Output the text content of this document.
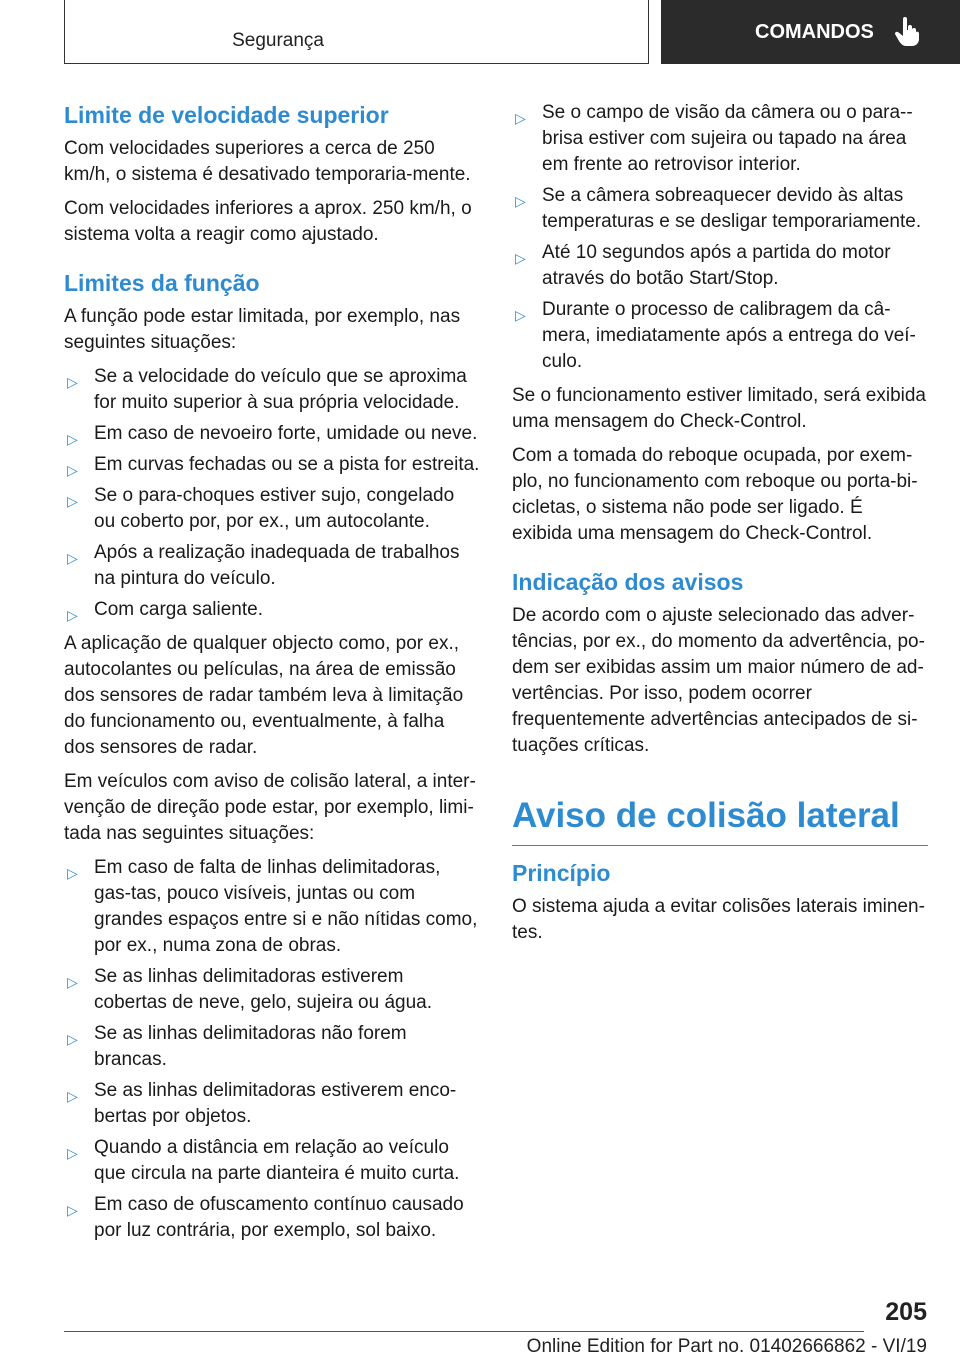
Segurança	COMANDOS
Limite de velocidade superior

Com velocidades superiores a cerca de 250 km/h, o sistema é desativado temporaria‐mente.

Com velocidades inferiores a aprox. 250 km/h, o sistema volta a reagir como ajustado.

Limites da função

A função pode estar limitada, por exemplo, nas seguintes situações:

▷ Se a velocidade do veículo que se aproxima for muito superior à sua própria velocidade.
▷ Em caso de nevoeiro forte, umidade ou neve.
▷ Em curvas fechadas ou se a pista for estreita.
▷ Se o para-choques estiver sujo, congelado ou coberto por, por ex., um autocolante.
▷ Após a realização inadequada de trabalhos na pintura do veículo.
▷ Com carga saliente.

A aplicação de qualquer objecto como, por ex., autocolantes ou películas, na área de emissão dos sensores de radar também leva à limitação do funcionamento ou, eventualmente, à falha dos sensores de radar.

Em veículos com aviso de colisão lateral, a inter‐venção de direção pode estar, por exemplo, limi‐tada nas seguintes situações:

▷ Em caso de falta de linhas delimitadoras, gas‐tas, pouco visíveis, juntas ou com grandes espaços entre si e não nítidas como, por ex., numa zona de obras.
▷ Se as linhas delimitadoras estiverem cobertas de neve, gelo, sujeira ou água.
▷ Se as linhas delimitadoras não forem brancas.
▷ Se as linhas delimitadoras estiverem enco‐bertas por objetos.
▷ Quando a distância em relação ao veículo que circula na parte dianteira é muito curta.
▷ Em caso de ofuscamento contínuo causado por luz contrária, por exemplo, sol baixo.
▷ Se o campo de visão da câmera ou o para-‐brisa estiver com sujeira ou tapado na área em frente ao retrovisor interior.
▷ Se a câmera sobreaquecer devido às altas temperaturas e se desligar temporariamente.
▷ Até 10 segundos após a partida do motor através do botão Start/Stop.
▷ Durante o processo de calibragem da câ‐mera, imediatamente após a entrega do veí‐culo.

Se o funcionamento estiver limitado, será exibida uma mensagem do Check-Control.

Com a tomada do reboque ocupada, por exem‐plo, no funcionamento com reboque ou porta-bi‐cicletas, o sistema não pode ser ligado. É exibida uma mensagem do Check-Control.

Indicação dos avisos

De acordo com o ajuste selecionado das adver‐tências, por ex., do momento da advertência, po‐dem ser exibidas assim um maior número de ad‐vertências. Por isso, podem ocorrer frequentemente advertências antecipados de si‐tuações críticas.

Aviso de colisão lateral
Princípio

O sistema ajuda a evitar colisões laterais iminen‐tes.

205
Online Edition for Part no. 01402666862 - VI/19
